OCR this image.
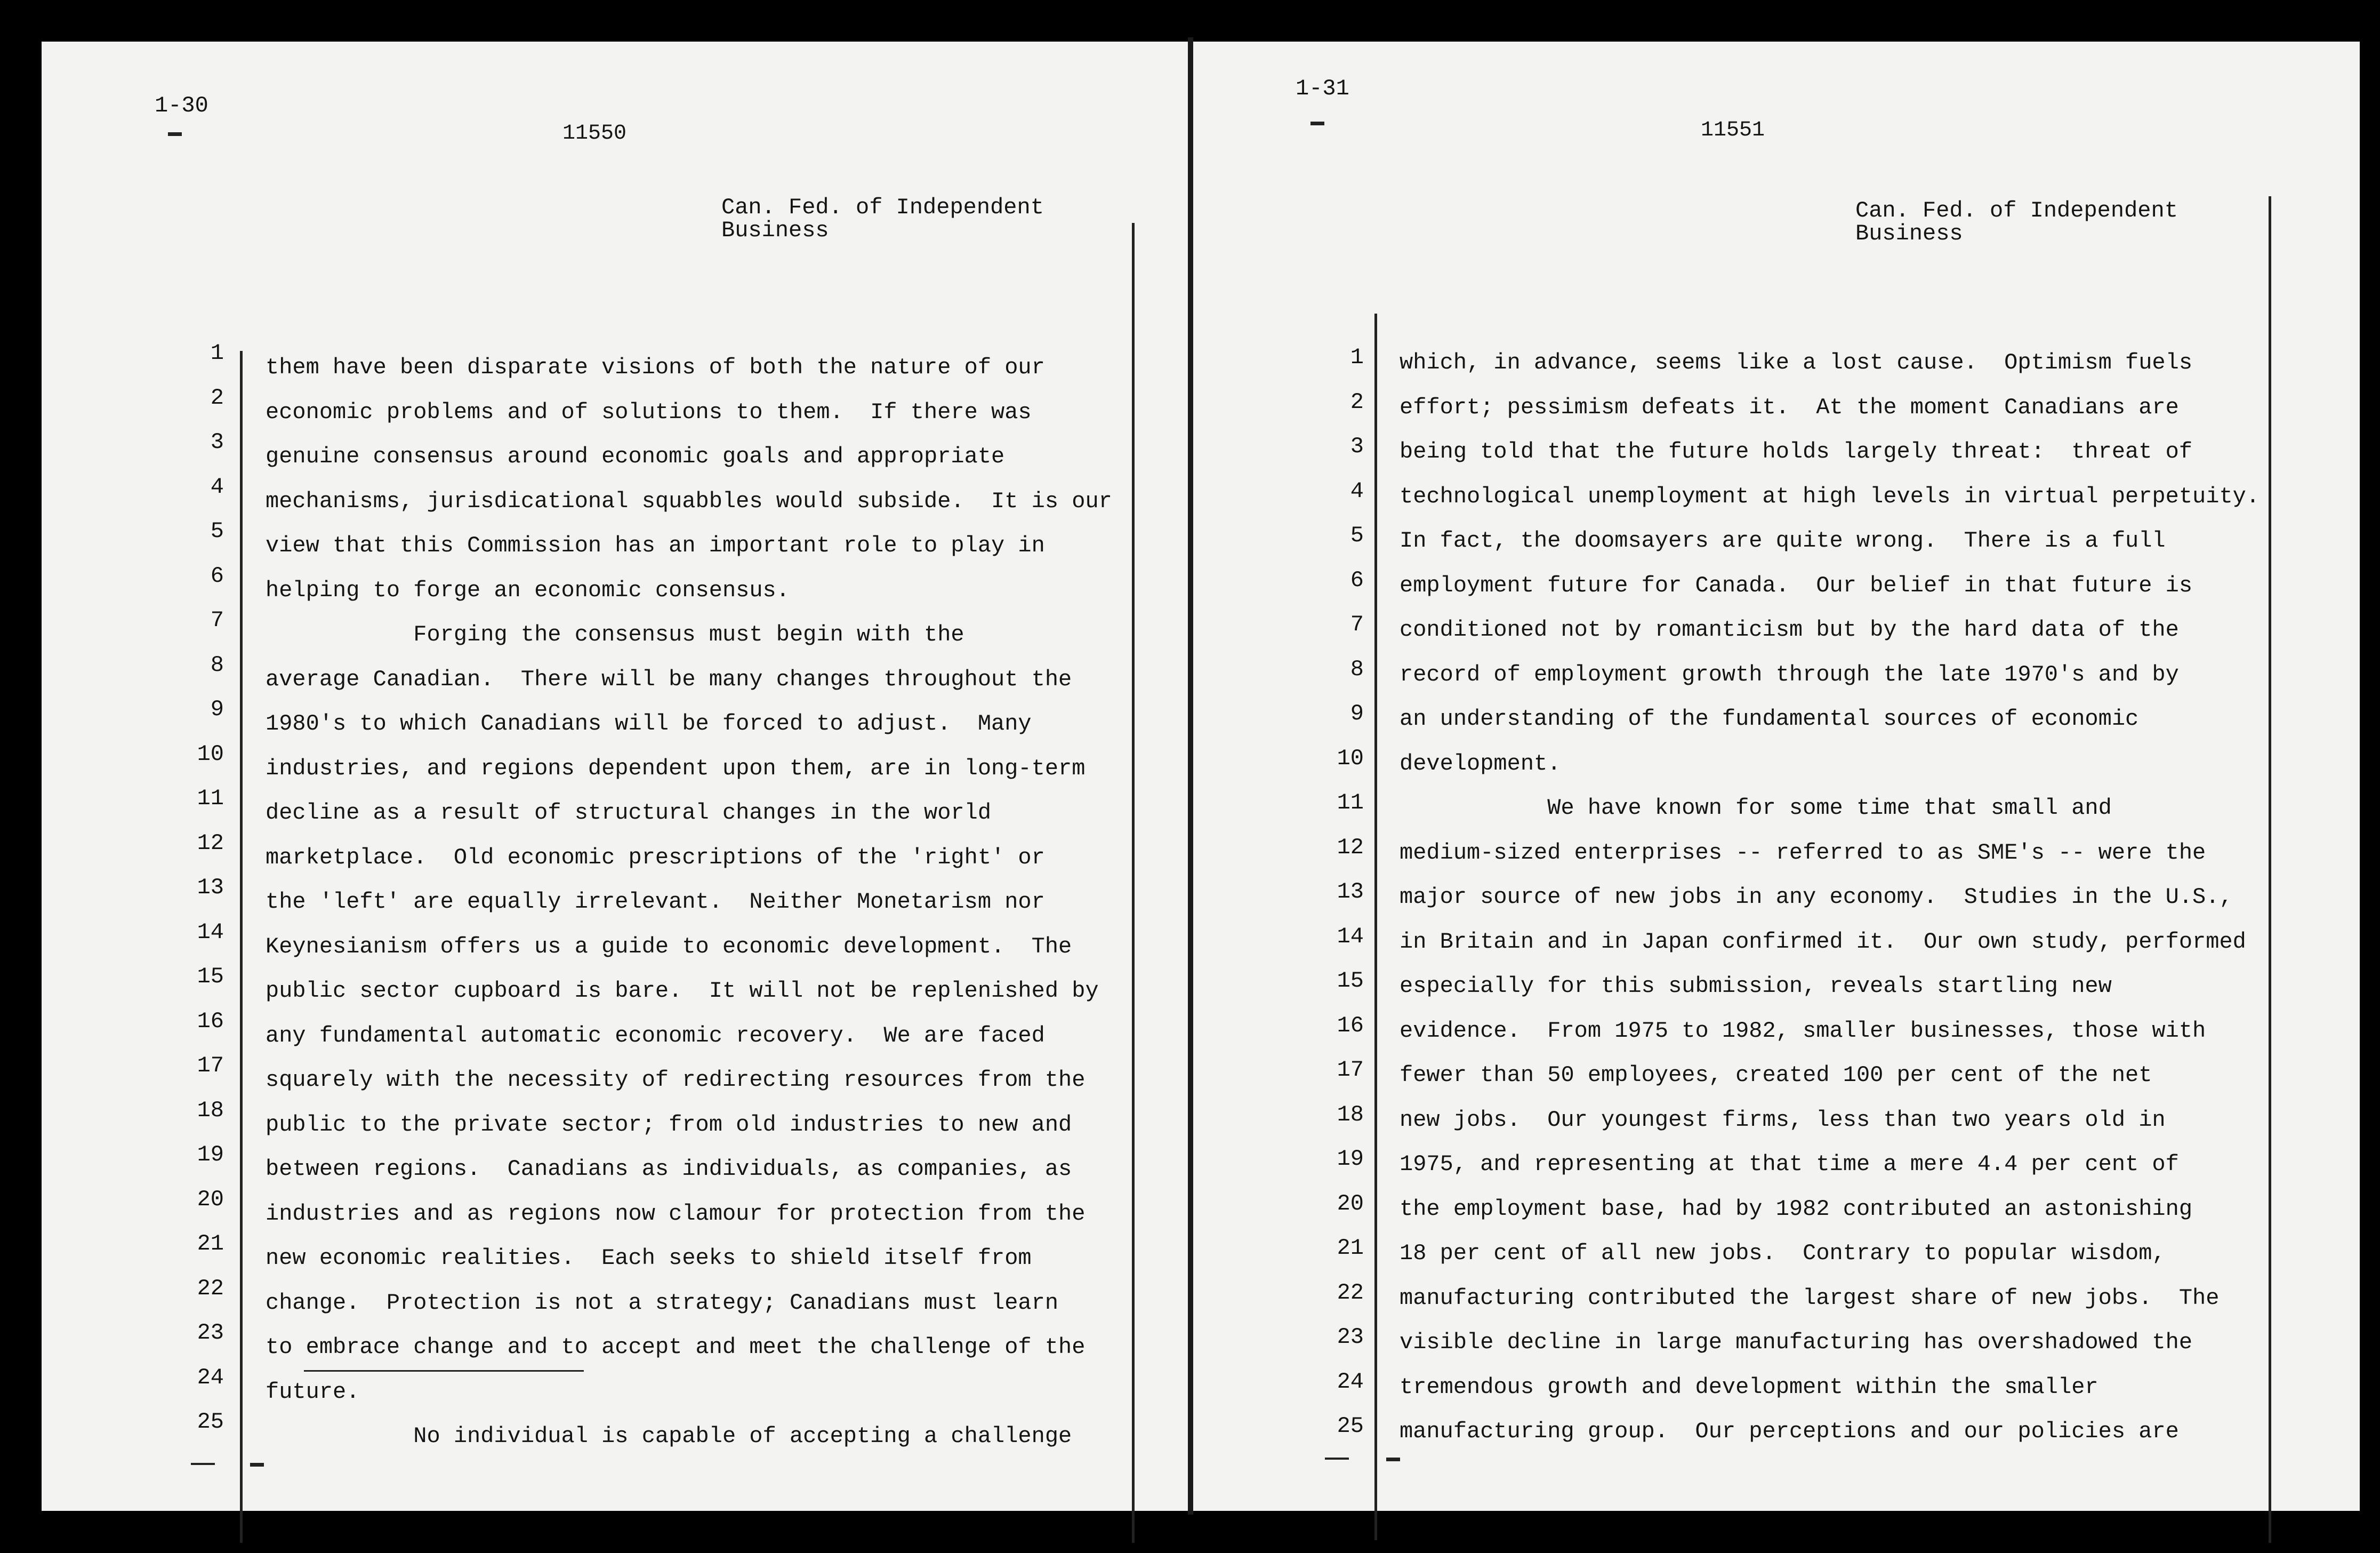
1-30
11550
Can. Fed. of Independent
Business
1
2
3
4
5
6
7
8
9
10
11
12
13
14
15
16
17
18
19
20
21
22
23
24
25
them have been disparate visions of both the nature of our
economic problems and of solutions to them.  If there was
genuine consensus around economic goals and appropriate
mechanisms, jurisdicational squabbles would subside.  It is our
view that this Commission has an important role to play in
helping to forge an economic consensus.
Forging the consensus must begin with the
average Canadian.  There will be many changes throughout the
1980's to which Canadians will be forced to adjust.  Many
industries, and regions dependent upon them, are in long-term
decline as a result of structural changes in the world
marketplace.  Old economic prescriptions of the 'right' or
the 'left' are equally irrelevant.  Neither Monetarism nor
Keynesianism offers us a guide to economic development.  The
public sector cupboard is bare.  It will not be replenished by
any fundamental automatic economic recovery.  We are faced
squarely with the necessity of redirecting resources from the
public to the private sector; from old industries to new and
between regions.  Canadians as individuals, as companies, as
industries and as regions now clamour for protection from the
new economic realities.  Each seeks to shield itself from
change.  Protection is not a strategy; Canadians must learn
to embrace change and to accept and meet the challenge of the
future.
No individual is capable of accepting a challenge
1-31
11551
Can. Fed. of Independent
Business
1
2
3
4
5
6
7
8
9
10
11
12
13
14
15
16
17
18
19
20
21
22
23
24
25
which, in advance, seems like a lost cause.  Optimism fuels
effort; pessimism defeats it.  At the moment Canadians are
being told that the future holds largely threat:  threat of
technological unemployment at high levels in virtual perpetuity.
In fact, the doomsayers are quite wrong.  There is a full
employment future for Canada.  Our belief in that future is
conditioned not by romanticism but by the hard data of the
record of employment growth through the late 1970's and by
an understanding of the fundamental sources of economic
development.
We have known for some time that small and
medium-sized enterprises -- referred to as SME's -- were the
major source of new jobs in any economy.  Studies in the U.S.,
in Britain and in Japan confirmed it.  Our own study, performed
especially for this submission, reveals startling new
evidence.  From 1975 to 1982, smaller businesses, those with
fewer than 50 employees, created 100 per cent of the net
new jobs.  Our youngest firms, less than two years old in
1975, and representing at that time a mere 4.4 per cent of
the employment base, had by 1982 contributed an astonishing
18 per cent of all new jobs.  Contrary to popular wisdom,
manufacturing contributed the largest share of new jobs.  The
visible decline in large manufacturing has overshadowed the
tremendous growth and development within the smaller
manufacturing group.  Our perceptions and our policies are
